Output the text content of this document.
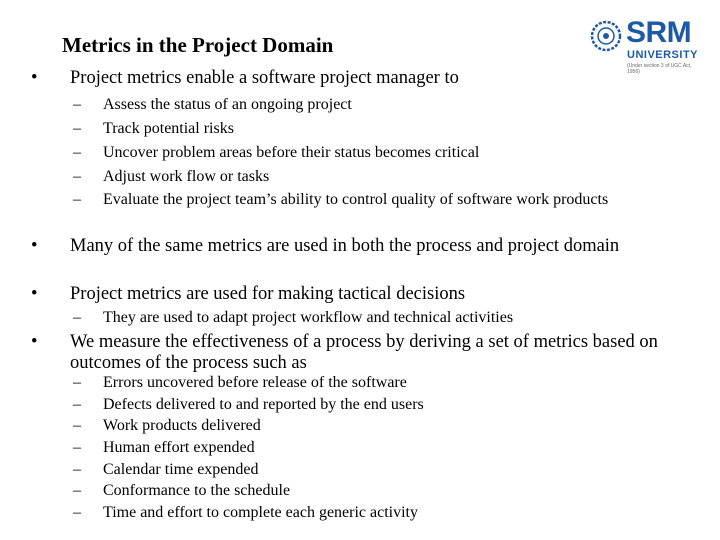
Metrics in the Project Domain	SRM
UNIVERSITY
(Under section 3 of UGC Act, 1956)
• Project metrics enable a software project manager to
– Assess the status of an ongoing project
– Track potential risks
– Uncover problem areas before their status becomes critical
– Adjust work flow or tasks
– Evaluate the project team’s ability to control quality of software work products
• Many of the same metrics are used in both the process and project domain
• Project metrics are used for making tactical decisions
– They are used to adapt project workflow and technical activities
• We measure the effectiveness of a process by deriving a set of metrics based on outcomes of the process such as
– Errors uncovered before release of the software
– Defects delivered to and reported by the end users
– Work products delivered
– Human effort expended
– Calendar time expended
– Conformance to the schedule
– Time and effort to complete each generic activity
